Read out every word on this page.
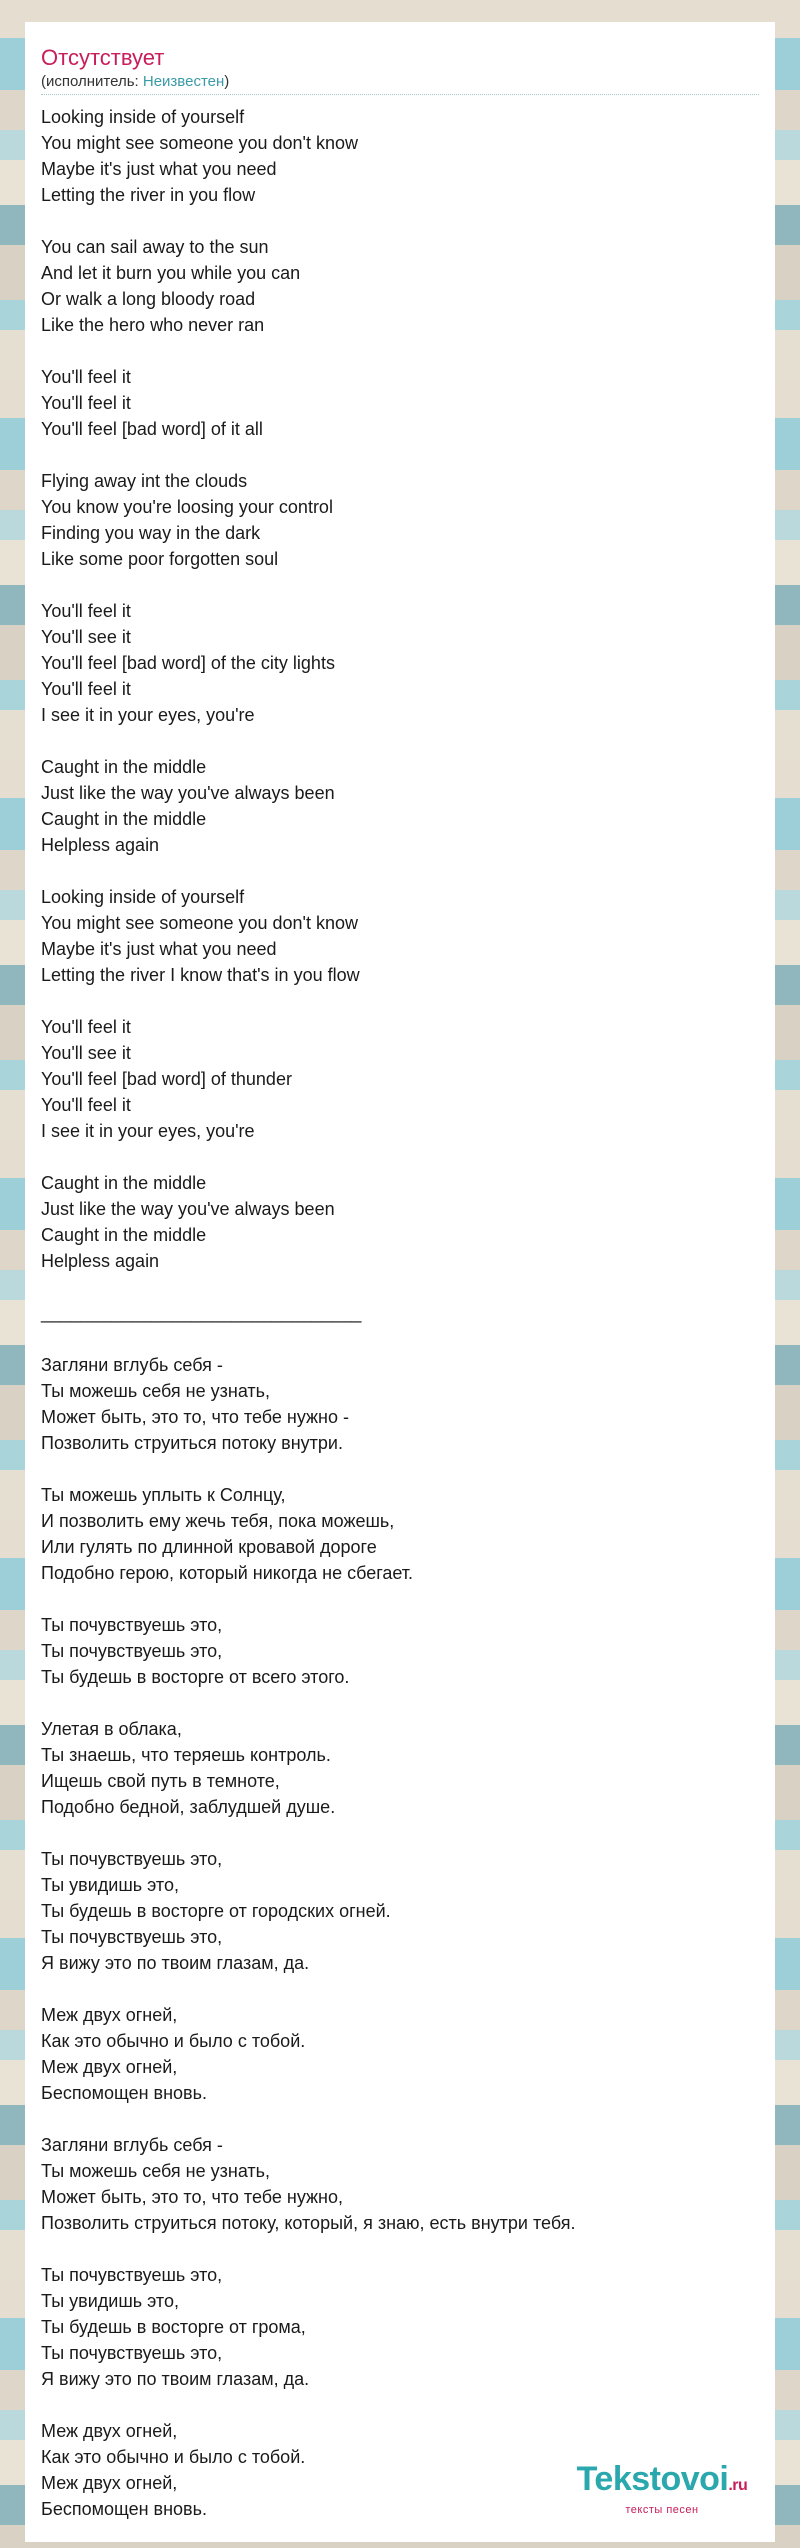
Отсутствует
(исполнитель: Неизвестен)
Looking inside of yourself
You might see someone you don't know
Maybe it's just what you need
Letting the river in you flow
You can sail away to the sun
And let it burn you while you can
Or walk a long bloody road
Like the hero who never ran
You'll feel it
You'll feel it
You'll feel [bad word] of it all
Flying away int the clouds
You know you're loosing your control
Finding you way in the dark
Like some poor forgotten soul
You'll feel it
You'll see it
You'll feel [bad word] of the city lights
You'll feel it
I see it in your eyes, you're
Caught in the middle
Just like the way you've always been
Caught in the middle
Helpless again
Looking inside of yourself
You might see someone you don't know
Maybe it's just what you need
Letting the river I know that's in you flow
You'll feel it
You'll see it
You'll feel [bad word] of thunder
You'll feel it
I see it in your eyes, you're
Caught in the middle
Just like the way you've always been
Caught in the middle
Helpless again
________________________________
Загляни вглубь себя -
Ты можешь себя не узнать,
Может быть, это то, что тебе нужно -
Позволить струиться потоку внутри.
Ты можешь уплыть к Солнцу,
И позволить ему жечь тебя, пока можешь,
Или гулять по длинной кровавой дороге
Подобно герою, который никогда не сбегает.
Ты почувствуешь это,
Ты почувствуешь это,
Ты будешь в восторге от всего этого.
Улетая в облака,
Ты знаешь, что теряешь контроль.
Ищешь свой путь в темноте,
Подобно бедной, заблудшей душе.
Ты почувствуешь это,
Ты увидишь это,
Ты будешь в восторге от городских огней.
Ты почувствуешь это,
Я вижу это по твоим глазам, да.
Меж двух огней,
Как это обычно и было с тобой.
Меж двух огней,
Беспомощен вновь.
Загляни вглубь себя -
Ты можешь себя не узнать,
Может быть, это то, что тебе нужно,
Позволить струиться потоку, который, я знаю, есть внутри тебя.
Ты почувствуешь это,
Ты увидишь это,
Ты будешь в восторге от грома,
Ты почувствуешь это,
Я вижу это по твоим глазам, да.
Меж двух огней,
Как это обычно и было с тобой.
Меж двух огней,
Беспомощен вновь.
Tekstovoi.ru
тексты песен
